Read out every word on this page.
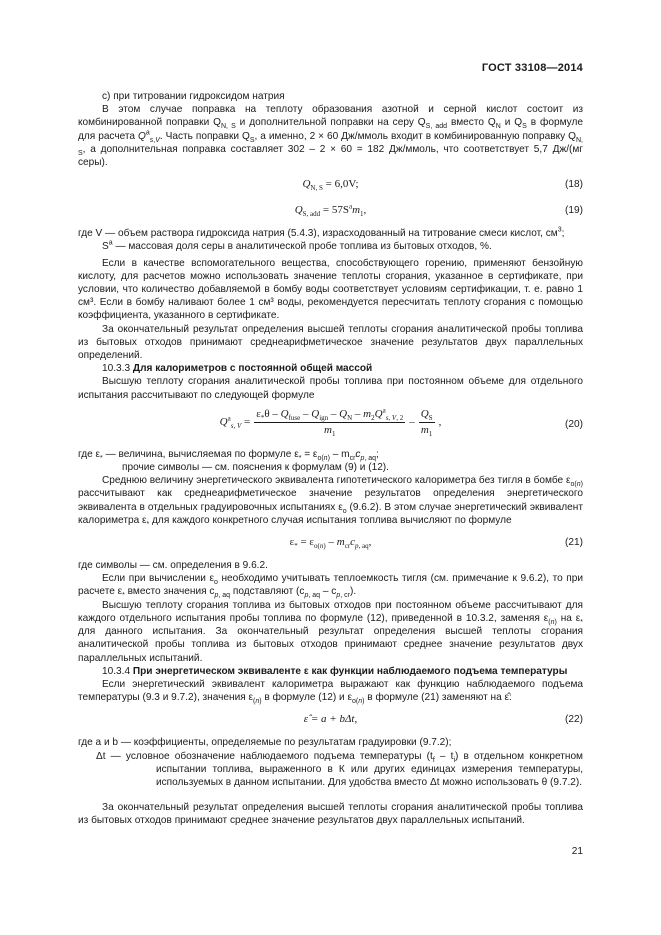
ГОСТ 33108—2014

с) при титровании гидроксидом натрия

В этом случае поправка на теплоту образования азотной и серной кислот состоит из комбинированной поправки $Q_{N, S}$ и дополнительной поправки на серу $Q_{S, add}$ вместо $Q_N$ и $Q_S$ в формуле для расчета $Q^a_{s,V}$. Часть поправки $Q_S$, а именно, 2 × 60 Дж/ммоль входит в комбинированную поправку $Q_{N, S}$, а дополнительная поправка составляет 302 – 2 × 60 = 182 Дж/ммоль, что соответствует 5,7 Дж/(мг серы).

$Q_{N, S} = 6,0V$;	(18)
$Q_{S, add} = 57S^am_1$,	(19)

где V — объем раствора гидроксида натрия (5.4.3), израсходованный на титрование смеси кислот, $см^3$;

$S^a$ — массовая доля серы в аналитической пробе топлива из бытовых отходов, %.

Если в качестве вспомогательного вещества, способствующего горению, применяют бензойную кислоту, для расчетов можно использовать значение теплоты сгорания, указанное в сертификате, при условии, что количество добавляемой в бомбу воды соответствует условиям сертификации, т. е. равно 1 см³. Если в бомбу наливают более 1 см³ воды, рекомендуется пересчитать теплоту сгорания с помощью коэффициента, указанного в сертификате.

За окончательный результат определения высшей теплоты сгорания аналитической пробы топлива из бытовых отходов принимают среднеарифметическое значение результатов двух параллельных определений.

10.3.3 Для калориметров с постоянной общей массой

Высшую теплоту сгорания аналитической пробы топлива при постоянном объеме для отдельного испытания рассчитывают по следующей формуле

$Q^a_{s, V} = \frac{\varepsilon_*\theta - Q_{fuse} - Q_{ign} - Q_N - m_2Q^a_{s, V, 2}}{m_1} - \frac{Q_S}{m_1}$ ,	(20)

где $\varepsilon_*$ — величина, вычисляемая по формуле $\varepsilon_* = \varepsilon_{o(n)} - m_{cr}c_{p, aq}$;

прочие символы — см. пояснения к формулам (9) и (12).

Среднюю величину энергетического эквивалента гипотетического калориметра без тигля в бомбе $\varepsilon_{o(n)}$ рассчитывают как среднеарифметическое значение результатов определения энергетического эквивалента в отдельных градуировочных испытаниях $\varepsilon_o$ (9.6.2). В этом случае энергетический эквивалент калориметра $\varepsilon_*$ для каждого конкретного случая испытания топлива вычисляют по формуле

$\varepsilon_* = \varepsilon_{o(n)} - m_{cr}c_{p, aq}$,	(21)

где символы — см. определения в 9.6.2.

Если при вычислении $\varepsilon_o$ необходимо учитывать теплоемкость тигля (см. примечание к 9.6.2), то при расчете $\varepsilon_*$ вместо значения $c_{p, aq}$ подставляют $(c_{p, aq} - c_{p, cr})$.

Высшую теплоту сгорания топлива из бытовых отходов при постоянном объеме рассчитывают для каждого отдельного испытания пробы топлива по формуле (12), приведенной в 10.3.2, заменяя $\varepsilon_{(n)}$ на $\varepsilon_*$ для данного испытания. За окончательный результат определения высшей теплоты сгорания аналитической пробы топлива из бытовых отходов принимают среднее значение результатов двух параллельных испытаний.

10.3.4 При энергетическом эквиваленте ε как функции наблюдаемого подъема температуры

Если энергетический эквивалент калориметра выражают как функцию наблюдаемого подъема температуры (9.3 и 9.7.2), значения $\varepsilon_{(n)}$ в формуле (12) и $\varepsilon_{o(n)}$ в формуле (21) заменяют на ε̂:

ε̂ = a + bΔt,	(22)

где a и b — коэффициенты, определяемые по результатам градуировки (9.7.2);

Δt — условное обозначение наблюдаемого подъема температуры $(t_f - t_i)$ в отдельном конкретном испытании топлива, выраженного в К или других единицах измерения температуры, используемых в данном испытании. Для удобства вместо Δt можно использовать θ (9.7.2).

За окончательный результат определения высшей теплоты сгорания аналитической пробы топлива из бытовых отходов принимают среднее значение результатов двух параллельных испытаний.

21
